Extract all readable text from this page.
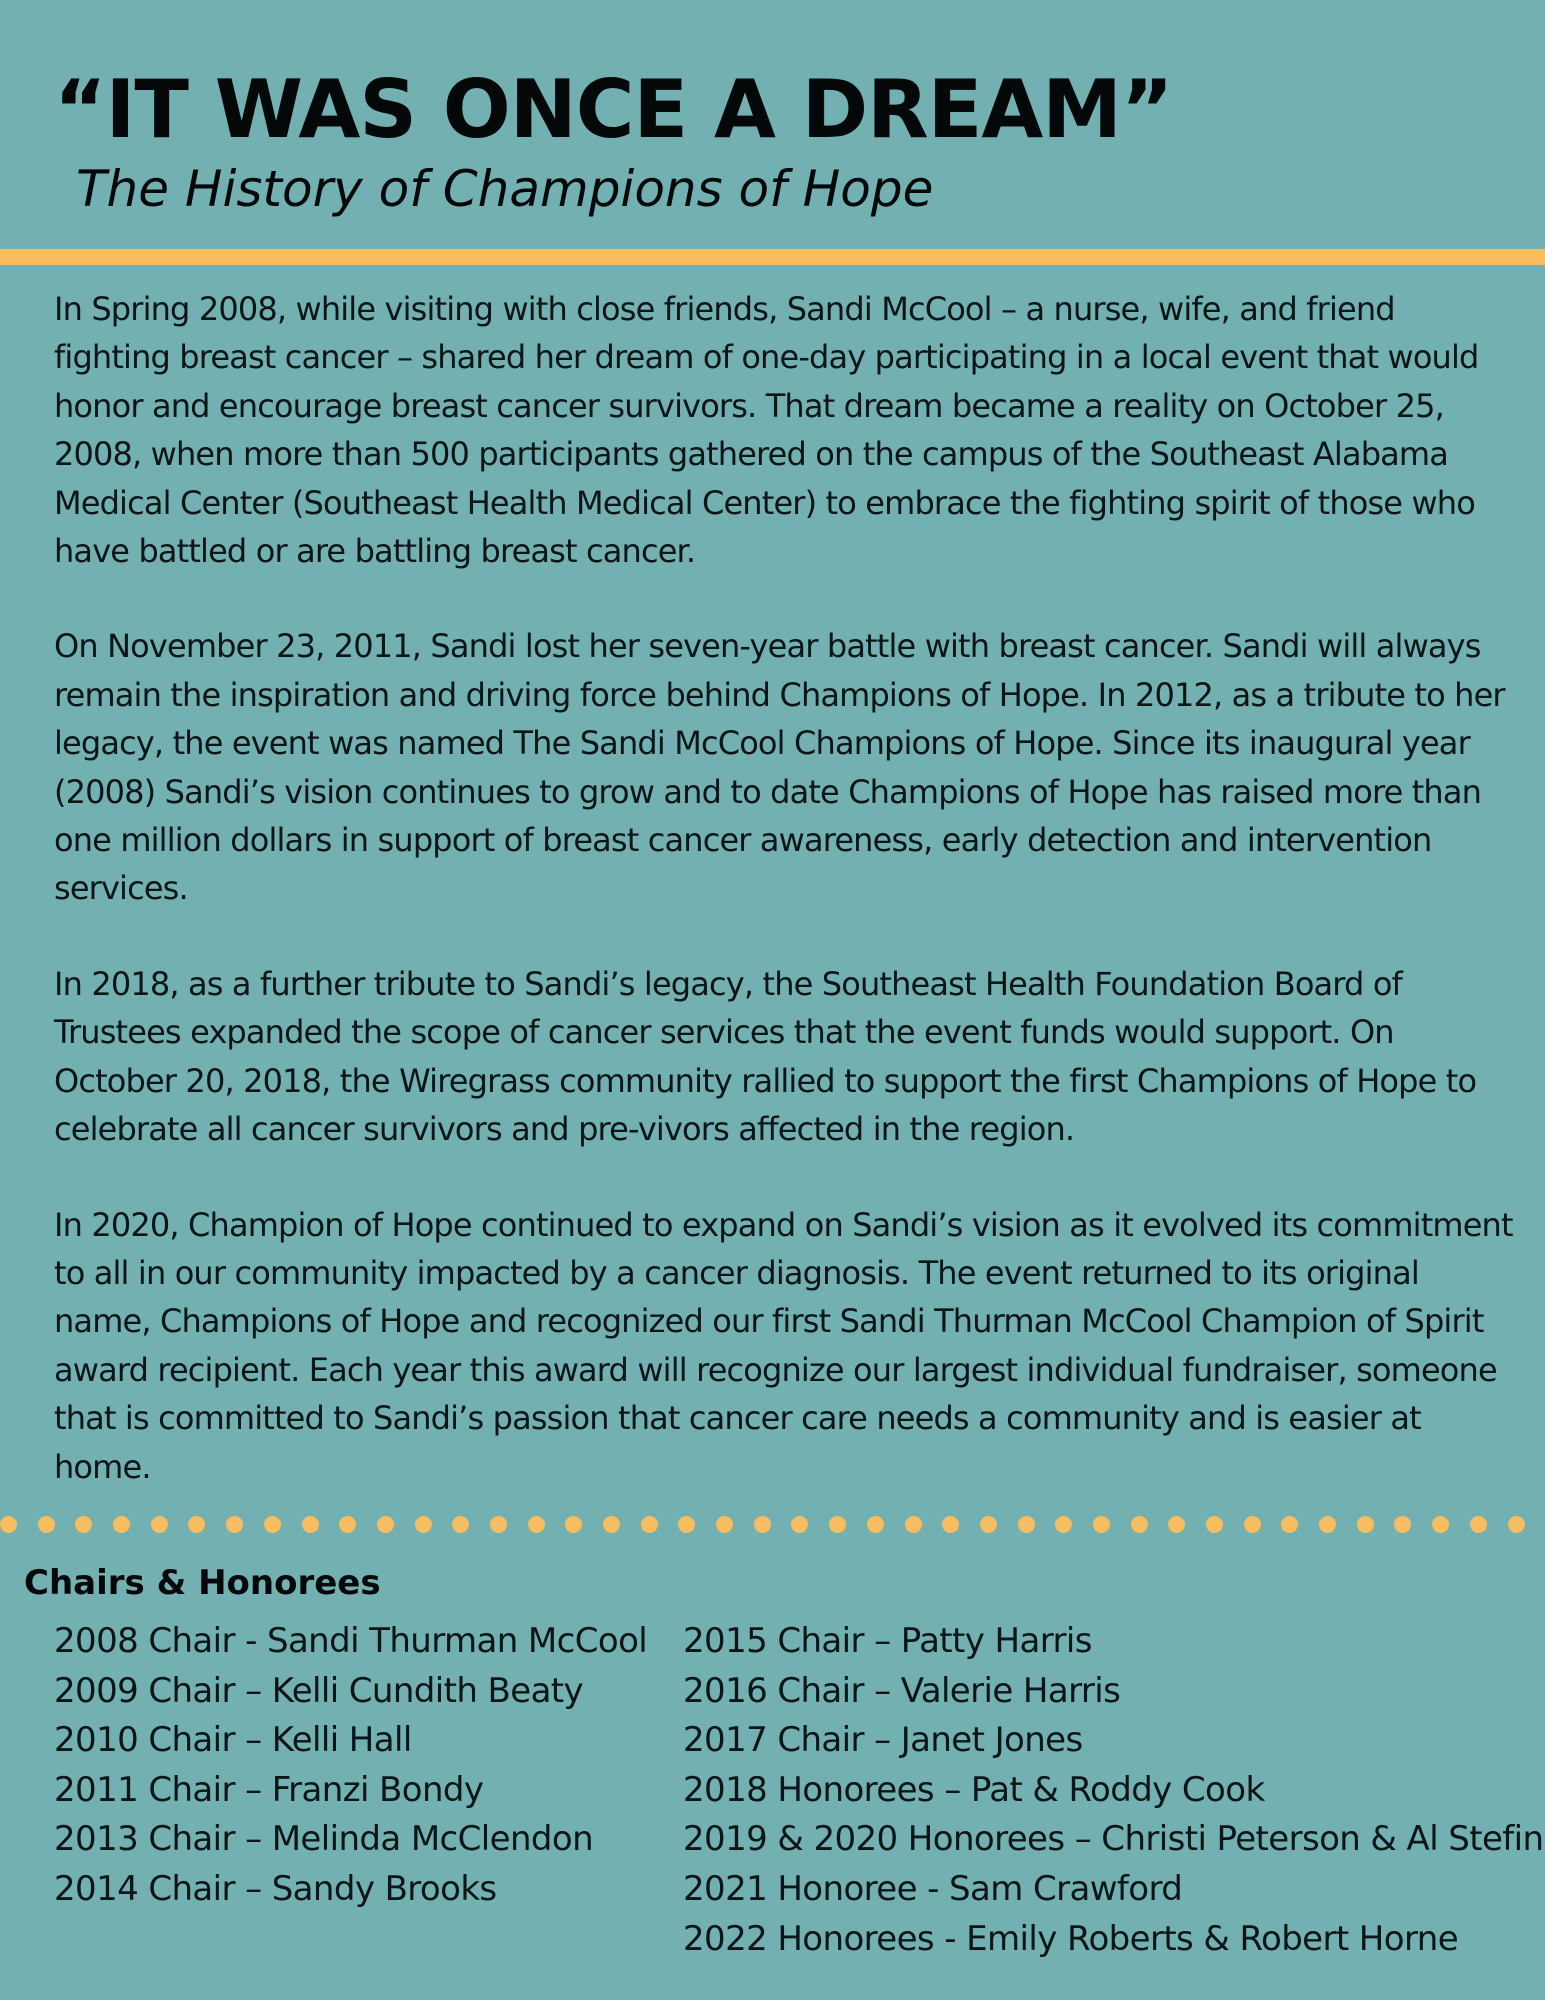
“IT WAS ONCE A DREAM”
The History of Champions of Hope

In Spring 2008, while visiting with close friends, Sandi McCool – a nurse, wife, and friend fighting breast cancer – shared her dream of one-day participating in a local event that would honor and encourage breast cancer survivors. That dream became a reality on October 25, 2008, when more than 500 participants gathered on the campus of the Southeast Alabama Medical Center (Southeast Health Medical Center) to embrace the fighting spirit of those who have battled or are battling breast cancer.

On November 23, 2011, Sandi lost her seven-year battle with breast cancer. Sandi will always remain the inspiration and driving force behind Champions of Hope. In 2012, as a tribute to her legacy, the event was named The Sandi McCool Champions of Hope. Since its inaugural year (2008) Sandi’s vision continues to grow and to date Champions of Hope has raised more than one million dollars in support of breast cancer awareness, early detection and intervention services.

In 2018, as a further tribute to Sandi’s legacy, the Southeast Health Foundation Board of Trustees expanded the scope of cancer services that the event funds would support. On October 20, 2018, the Wiregrass community rallied to support the first Champions of Hope to celebrate all cancer survivors and pre-vivors affected in the region.

In 2020, Champion of Hope continued to expand on Sandi’s vision as it evolved its commitment to all in our community impacted by a cancer diagnosis. The event returned to its original name, Champions of Hope and recognized our first Sandi Thurman McCool Champion of Spirit award recipient. Each year this award will recognize our largest individual fundraiser, someone that is committed to Sandi’s passion that cancer care needs a community and is easier at home.

Chairs & Honorees
2008 Chair - Sandi Thurman McCool
2009 Chair – Kelli Cundith Beaty
2010 Chair – Kelli Hall
2011 Chair – Franzi Bondy
2013 Chair – Melinda McClendon
2014 Chair – Sandy Brooks
2015 Chair – Patty Harris
2016 Chair – Valerie Harris
2017 Chair – Janet Jones
2018 Honorees – Pat & Roddy Cook
2019 & 2020 Honorees – Christi Peterson & Al Stefin
2021 Honoree - Sam Crawford
2022 Honorees - Emily Roberts & Robert Horne
